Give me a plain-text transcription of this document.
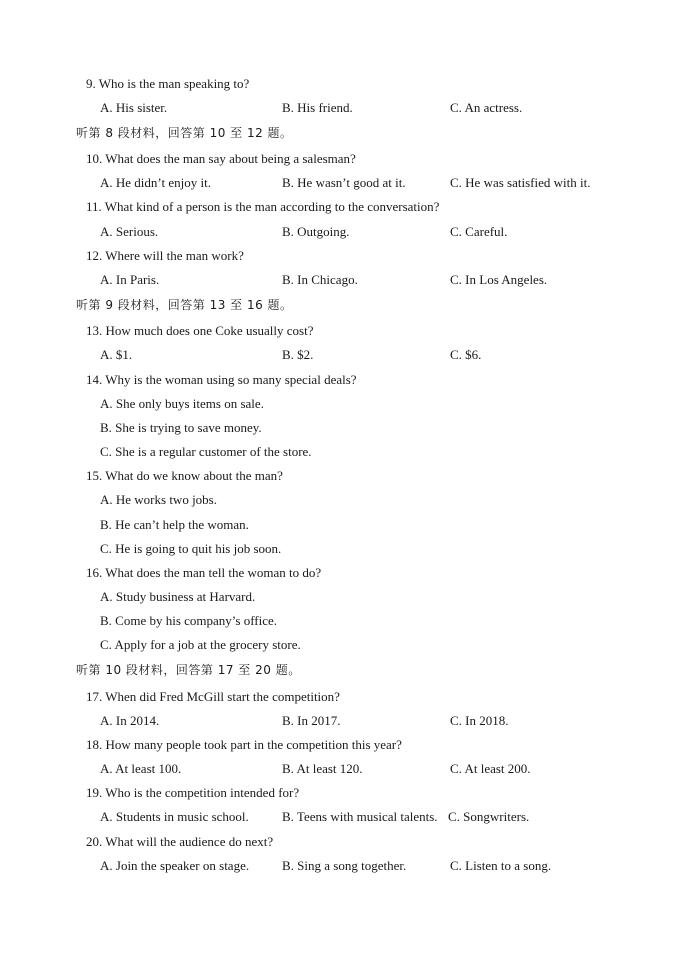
9. Who is the man speaking to?
A. His sister.	B. His friend.	C. An actress.
听第 8 段材料，回答第 10 至 12 题。
10. What does the man say about being a salesman?
A. He didn’t enjoy it.	B. He wasn’t good at it.	C. He was satisfied with it.
11. What kind of a person is the man according to the conversation?
A. Serious.	B. Outgoing.	C. Careful.
12. Where will the man work?
A. In Paris.	B. In Chicago.	C. In Los Angeles.
听第 9 段材料，回答第 13 至 16 题。
13. How much does one Coke usually cost?
A. $1.	B. $2.	C. $6.
14. Why is the woman using so many special deals?
A. She only buys items on sale.
B. She is trying to save money.
C. She is a regular customer of the store.
15. What do we know about the man?
A. He works two jobs.
B. He can’t help the woman.
C. He is going to quit his job soon.
16. What does the man tell the woman to do?
A. Study business at Harvard.
B. Come by his company’s office.
C. Apply for a job at the grocery store.
听第 10 段材料，回答第 17 至 20 题。
17. When did Fred McGill start the competition?
A. In 2014.	B. In 2017.	C. In 2018.
18. How many people took part in the competition this year?
A. At least 100.	B. At least 120.	C. At least 200.
19. Who is the competition intended for?
A. Students in music school.	B. Teens with musical talents. C. Songwriters.
20. What will the audience do next?
A. Join the speaker on stage.	B. Sing a song together.	C. Listen to a song.
